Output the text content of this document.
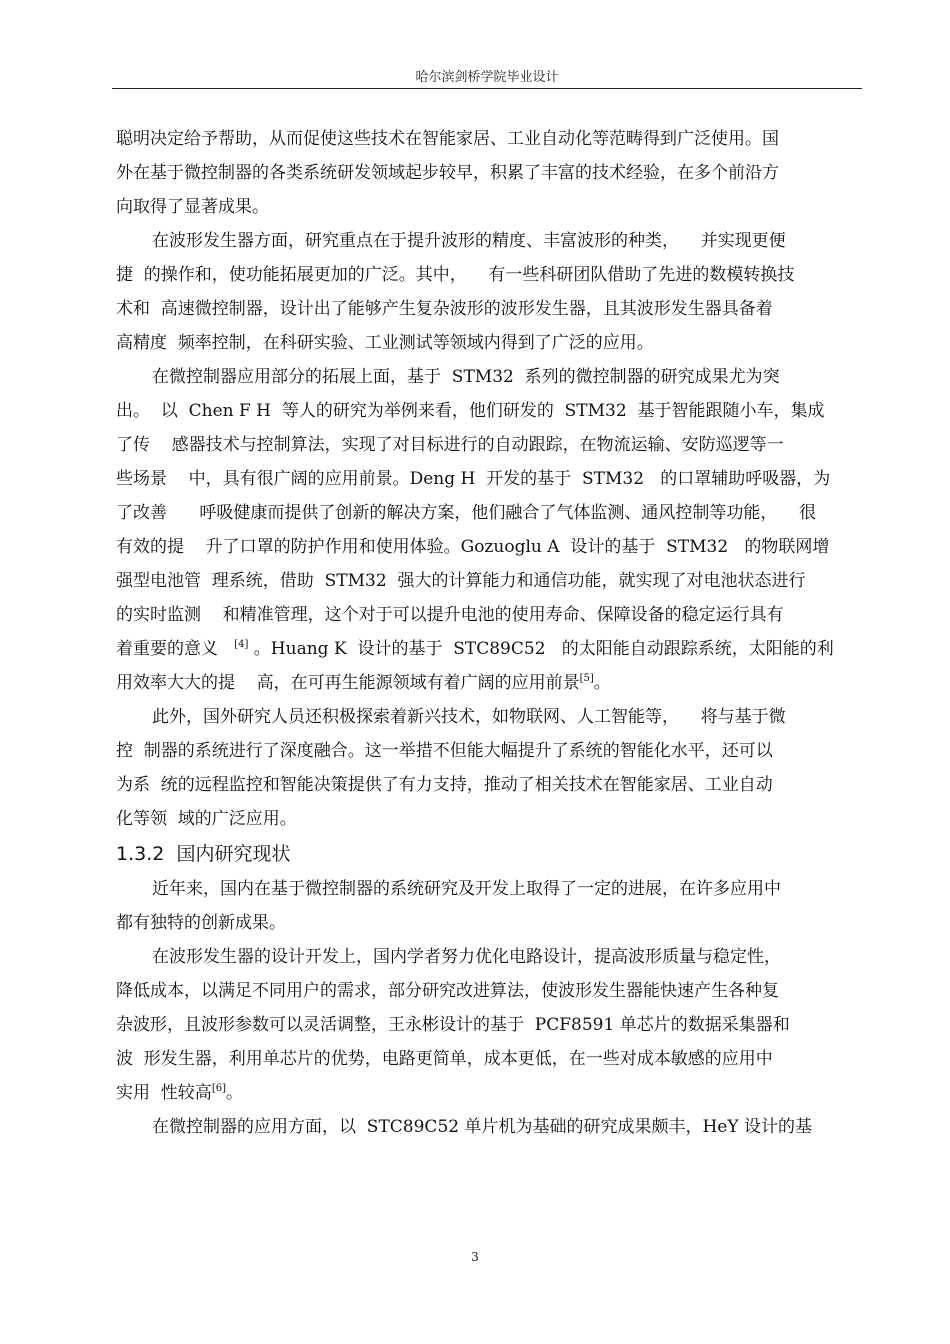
哈尔滨剑桥学院毕业设计

聪明决定给予帮助，从而促使这些技术在智能家居、工业自动化等范畴得到广泛使用。国

外在基于微控制器的各类系统研发领域起步较早，积累了丰富的技术经验，在多个前沿方

向取得了显著成果。

在波形发生器方面，研究重点在于提升波形的精度、丰富波形的种类，    并实现更便

捷  的操作和，使功能拓展更加的广泛。其中，    有一些科研团队借助了先进的数模转换技

术和  高速微控制器，设计出了能够产生复杂波形的波形发生器，且其波形发生器具备着

高精度  频率控制，在科研实验、工业测试等领域内得到了广泛的应用。

在微控制器应用部分的拓展上面，基于  STM32  系列的微控制器的研究成果尤为突

出。  以  Chen F H  等人的研究为举例来看，他们研发的  STM32  基于智能跟随小车，集成

了传    感器技术与控制算法，实现了对目标进行的自动跟踪，在物流运输、安防巡逻等一

些场景    中，具有很广阔的应用前景。Deng H  开发的基于  STM32   的口罩辅助呼吸器，为

了改善      呼吸健康而提供了创新的解决方案，他们融合了气体监测、通风控制等功能，    很

有效的提    升了口罩的防护作用和使用体验。Gozuoglu A  设计的基于  STM32   的物联网增

强型电池管  理系统，借助  STM32  强大的计算能力和通信功能，就实现了对电池状态进行

的实时监测    和精准管理，这个对于可以提升电池的使用寿命、保障设备的稳定运行具有

着重要的意义   [4] 。Huang K  设计的基于  STC89C52   的太阳能自动跟踪系统，太阳能的利

用效率大大的提    高，在可再生能源领域有着广阔的应用前景[5]。

此外，国外研究人员还积极探索着新兴技术，如物联网、人工智能等，    将与基于微

控  制器的系统进行了深度融合。这一举措不但能大幅提升了系统的智能化水平，还可以

为系  统的远程监控和智能决策提供了有力支持，推动了相关技术在智能家居、工业自动

化等领  域的广泛应用。

1.3.2 国内研究现状

近年来，国内在基于微控制器的系统研究及开发上取得了一定的进展，在许多应用中

都有独特的创新成果。

在波形发生器的设计开发上，国内学者努力优化电路设计，提高波形质量与稳定性，

降低成本，以满足不同用户的需求，部分研究改进算法，使波形发生器能快速产生各种复

杂波形，且波形参数可以灵活调整，王永彬设计的基于  PCF8591 单芯片的数据采集器和

波  形发生器，利用单芯片的优势，电路更简单，成本更低，在一些对成本敏感的应用中

实用  性较高[6]。

在微控制器的应用方面，以  STC89C52 单片机为基础的研究成果颇丰，HeY 设计的基

3
